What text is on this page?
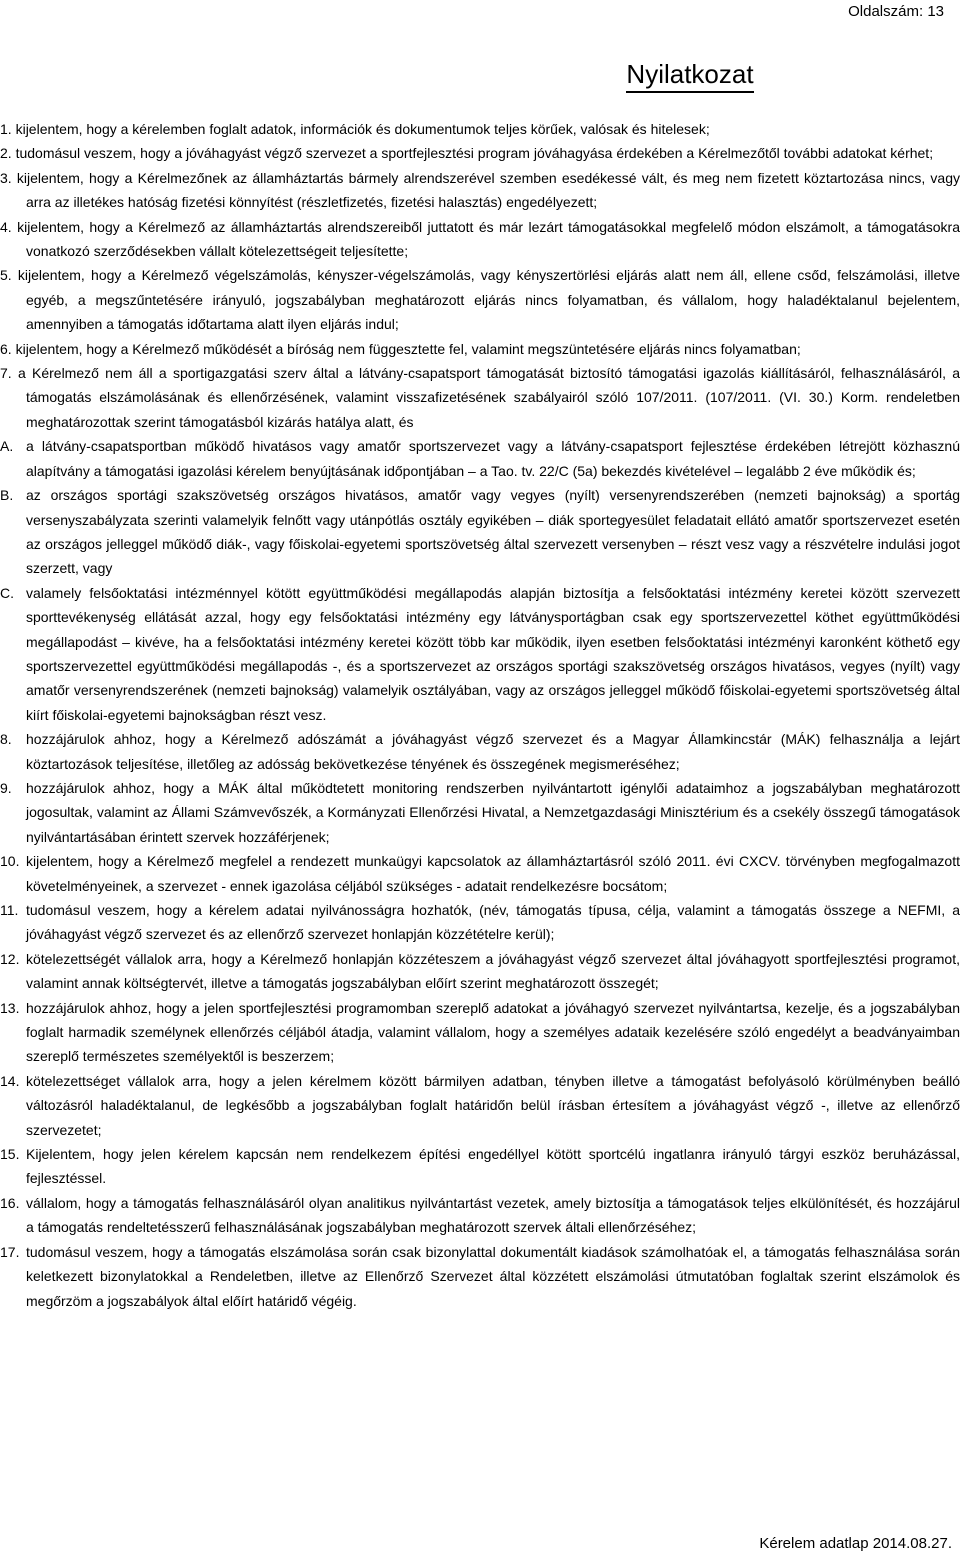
Oldalszám: 13
Nyilatkozat
1. kijelentem, hogy a kérelemben foglalt adatok, információk és dokumentumok teljes körűek, valósak és hitelesek;
2. tudomásul veszem, hogy a jóváhagyást végző szervezet a sportfejlesztési program jóváhagyása érdekében a Kérelmezőtől további adatokat kérhet;
3. kijelentem, hogy a Kérelmezőnek az államháztartás bármely alrendszerével szemben esedékessé vált, és meg nem fizetett köztartozása nincs, vagy arra az illetékes hatóság fizetési könnyítést (részletfizetés, fizetési halasztás) engedélyezett;
4. kijelentem, hogy a Kérelmező az államháztartás alrendszereiből juttatott és már lezárt támogatásokkal megfelelő módon elszámolt, a támogatásokra vonatkozó szerződésekben vállalt kötelezettségeit teljesítette;
5. kijelentem, hogy a Kérelmező végelszámolás, kényszer-végelszámolás, vagy kényszertörlési eljárás alatt nem áll, ellene csőd, felszámolási, illetve egyéb, a megszűntetésére irányuló, jogszabályban meghatározott eljárás nincs folyamatban, és vállalom, hogy haladéktalanul bejelentem, amennyiben a támogatás időtartama alatt ilyen eljárás indul;
6. kijelentem, hogy a Kérelmező működését a bíróság nem függesztette fel, valamint megszüntetésére eljárás nincs folyamatban;
7. a Kérelmező nem áll a sportigazgatási szerv által a látvány-csapatsport támogatását biztosító támogatási igazolás kiállításáról, felhasználásáról, a támogatás elszámolásának és ellenőrzésének, valamint visszafizetésének szabályairól szóló 107/2011. (107/2011. (VI. 30.) Korm. rendeletben meghatározottak szerint támogatásból kizárás hatálya alatt, és
A. a látvány-csapatsportban működő hivatásos vagy amatőr sportszervezet vagy a látvány-csapatsport fejlesztése érdekében létrejött közhasznú alapítvány a támogatási igazolási kérelem benyújtásának időpontjában – a Tao. tv. 22/C (5a) bekezdés kivételével – legalább 2 éve működik és;
B. az országos sportági szakszövetség országos hivatásos, amatőr vagy vegyes (nyílt) versenyrendszerében (nemzeti bajnokság) a sportág versenyszabályzata szerinti valamelyik felnőtt vagy utánpótlás osztály egyikében – diák sportegyesület feladatait ellátó amatőr sportszervezet esetén az országos jelleggel működő diák-, vagy főiskolai-egyetemi sportszövetség által szervezett versenyben – részt vesz vagy a részvételre indulási jogot szerzett, vagy
C. valamely felsőoktatási intézménnyel kötött együttműködési megállapodás alapján biztosítja a felsőoktatási intézmény keretei között szervezett sporttevékenység ellátását azzal, hogy egy felsőoktatási intézmény egy látványsportágban csak egy sportszervezettel köthet együttműködési megállapodást – kivéve, ha a felsőoktatási intézmény keretei között több kar működik, ilyen esetben felsőoktatási intézményi karonként köthető egy sportszervezettel együttműködési megállapodás -, és a sportszervezet az országos sportági szakszövetség országos hivatásos, vegyes (nyílt) vagy amatőr versenyrendszerének (nemzeti bajnokság) valamelyik osztályában, vagy az országos jelleggel működő főiskolai-egyetemi sportszövetség által kiírt főiskolai-egyetemi bajnokságban részt vesz.
8.	hozzájárulok ahhoz, hogy a Kérelmező adószámát a jóváhagyást végző szervezet és a Magyar Államkincstár (MÁK) felhasználja a lejárt köztartozások teljesítése, illetőleg az adósság bekövetkezése tényének és összegének megismeréséhez;
9.	hozzájárulok ahhoz, hogy a MÁK által működtetett monitoring rendszerben nyilvántartott igénylői adataimhoz a jogszabályban meghatározott jogosultak, valamint az Állami Számvevőszék, a Kormányzati Ellenőrzési Hivatal, a Nemzetgazdasági Minisztérium és a csekély összegű támogatások nyilvántartásában érintett szervek hozzáférjenek;
10. kijelentem, hogy a Kérelmező megfelel a rendezett munkaügyi kapcsolatok az államháztartásról szóló 2011. évi CXCV. törvényben megfogalmazott követelményeinek, a szervezet - ennek igazolása céljából szükséges - adatait rendelkezésre bocsátom;
11. tudomásul veszem, hogy a kérelem adatai nyilvánosságra hozhatók, (név, támogatás típusa, célja, valamint a támogatás összege a NEFMI, a jóváhagyást végző szervezet és az ellenőrző szervezet honlapján közzétételre kerül);
12. kötelezettségét vállalok arra, hogy a Kérelmező honlapján közzéteszem a jóváhagyást végző szervezet által jóváhagyott sportfejlesztési programot, valamint annak költségtervét, illetve a támogatás jogszabályban előírt szerint meghatározott összegét;
13. hozzájárulok ahhoz, hogy a jelen sportfejlesztési programomban szereplő adatokat a jóváhagyó szervezet nyilvántartsa, kezelje, és a jogszabályban foglalt harmadik személynek ellenőrzés céljából átadja, valamint vállalom, hogy a személyes adataik kezelésére szóló engedélyt a beadványaimban szereplő természetes személyektől is beszerzem;
14. kötelezettséget vállalok arra, hogy a jelen kérelmem között bármilyen adatban, tényben illetve a támogatást befolyásoló körülményben beálló változásról haladéktalanul, de legkésőbb a jogszabályban foglalt határidőn belül írásban értesítem a jóváhagyást végző -, illetve az ellenőrző szervezetet;
15. Kijelentem, hogy jelen kérelem kapcsán nem rendelkezem építési engedéllyel kötött sportcélú ingatlanra irányuló tárgyi eszköz beruházással, fejlesztéssel.
16. vállalom, hogy a támogatás felhasználásáról olyan analitikus nyilvántartást vezetek, amely biztosítja a támogatások teljes elkülönítését, és hozzájárul a támogatás rendeltetésszerű felhasználásának jogszabályban meghatározott szervek általi ellenőrzéséhez;
17. tudomásul veszem, hogy a támogatás elszámolása során csak bizonylattal dokumentált kiadások számolhatóak el, a támogatás felhasználása során keletkezett bizonylatokkal a Rendeletben, illetve az Ellenőrző Szervezet által közzétett elszámolási útmutatóban foglaltak szerint elszámolok és megőrzöm a jogszabályok által előírt határidő végéig.
Kérelem adatlap 2014.08.27.
